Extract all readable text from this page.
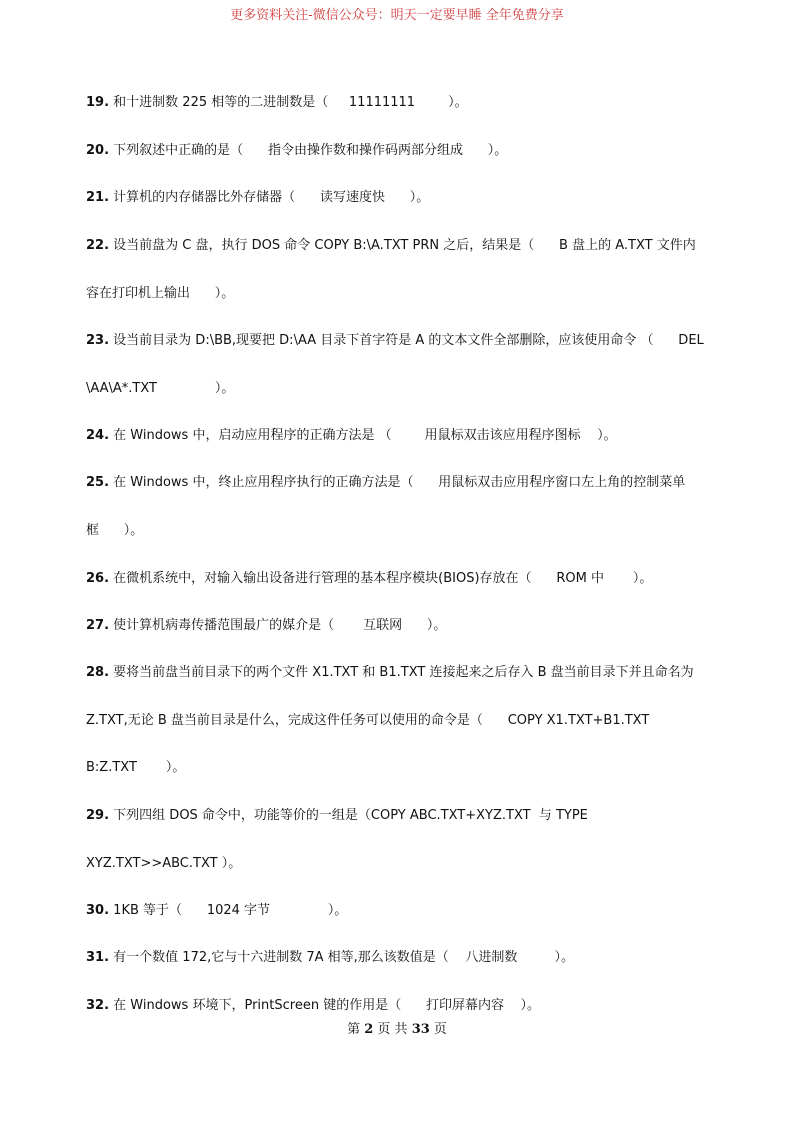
更多资料关注-微信公众号：明天一定要早睡 全年免费分享
19. 和十进制数 225 相等的二进制数是（     11111111        ）。
20. 下列叙述中正确的是（      指令由操作数和操作码两部分组成      ）。
21. 计算机的内存储器比外存储器（      读写速度快      ）。
22. 设当前盘为 C 盘，执行 DOS 命令 COPY B:\A.TXT PRN 之后，结果是（      B 盘上的 A.TXT 文件内
容在打印机上输出      ）。
23. 设当前目录为 D:\BB,现要把 D:\AA 目录下首字符是 A 的文本文件全部删除，应该使用命令 （      DEL
\AA\A*.TXT              ）。
24. 在 Windows 中，启动应用程序的正确方法是 （        用鼠标双击该应用程序图标    ）。
25. 在 Windows 中，终止应用程序执行的正确方法是（      用鼠标双击应用程序窗口左上角的控制菜单
框      ）。
26. 在微机系统中，对输入输出设备进行管理的基本程序模块(BIOS)存放在（      ROM 中       ）。
27. 使计算机病毒传播范围最广的媒介是（       互联网      ）。
28. 要将当前盘当前目录下的两个文件 X1.TXT 和 B1.TXT 连接起来之后存入 B 盘当前目录下并且命名为
Z.TXT,无论 B 盘当前目录是什么，完成这件任务可以使用的命令是（      COPY X1.TXT+B1.TXT
B:Z.TXT       ）。
29. 下列四组 DOS 命令中，功能等价的一组是（COPY ABC.TXT+XYZ.TXT  与 TYPE
XYZ.TXT>>ABC.TXT ）。
30. 1KB 等于（      1024 字节              ）。
31. 有一个数值 172,它与十六进制数 7A 相等,那么该数值是（    八进制数         ）。
32. 在 Windows 环境下，PrintScreen 键的作用是（      打印屏幕内容    ）。
第 2 页 共 33 页
